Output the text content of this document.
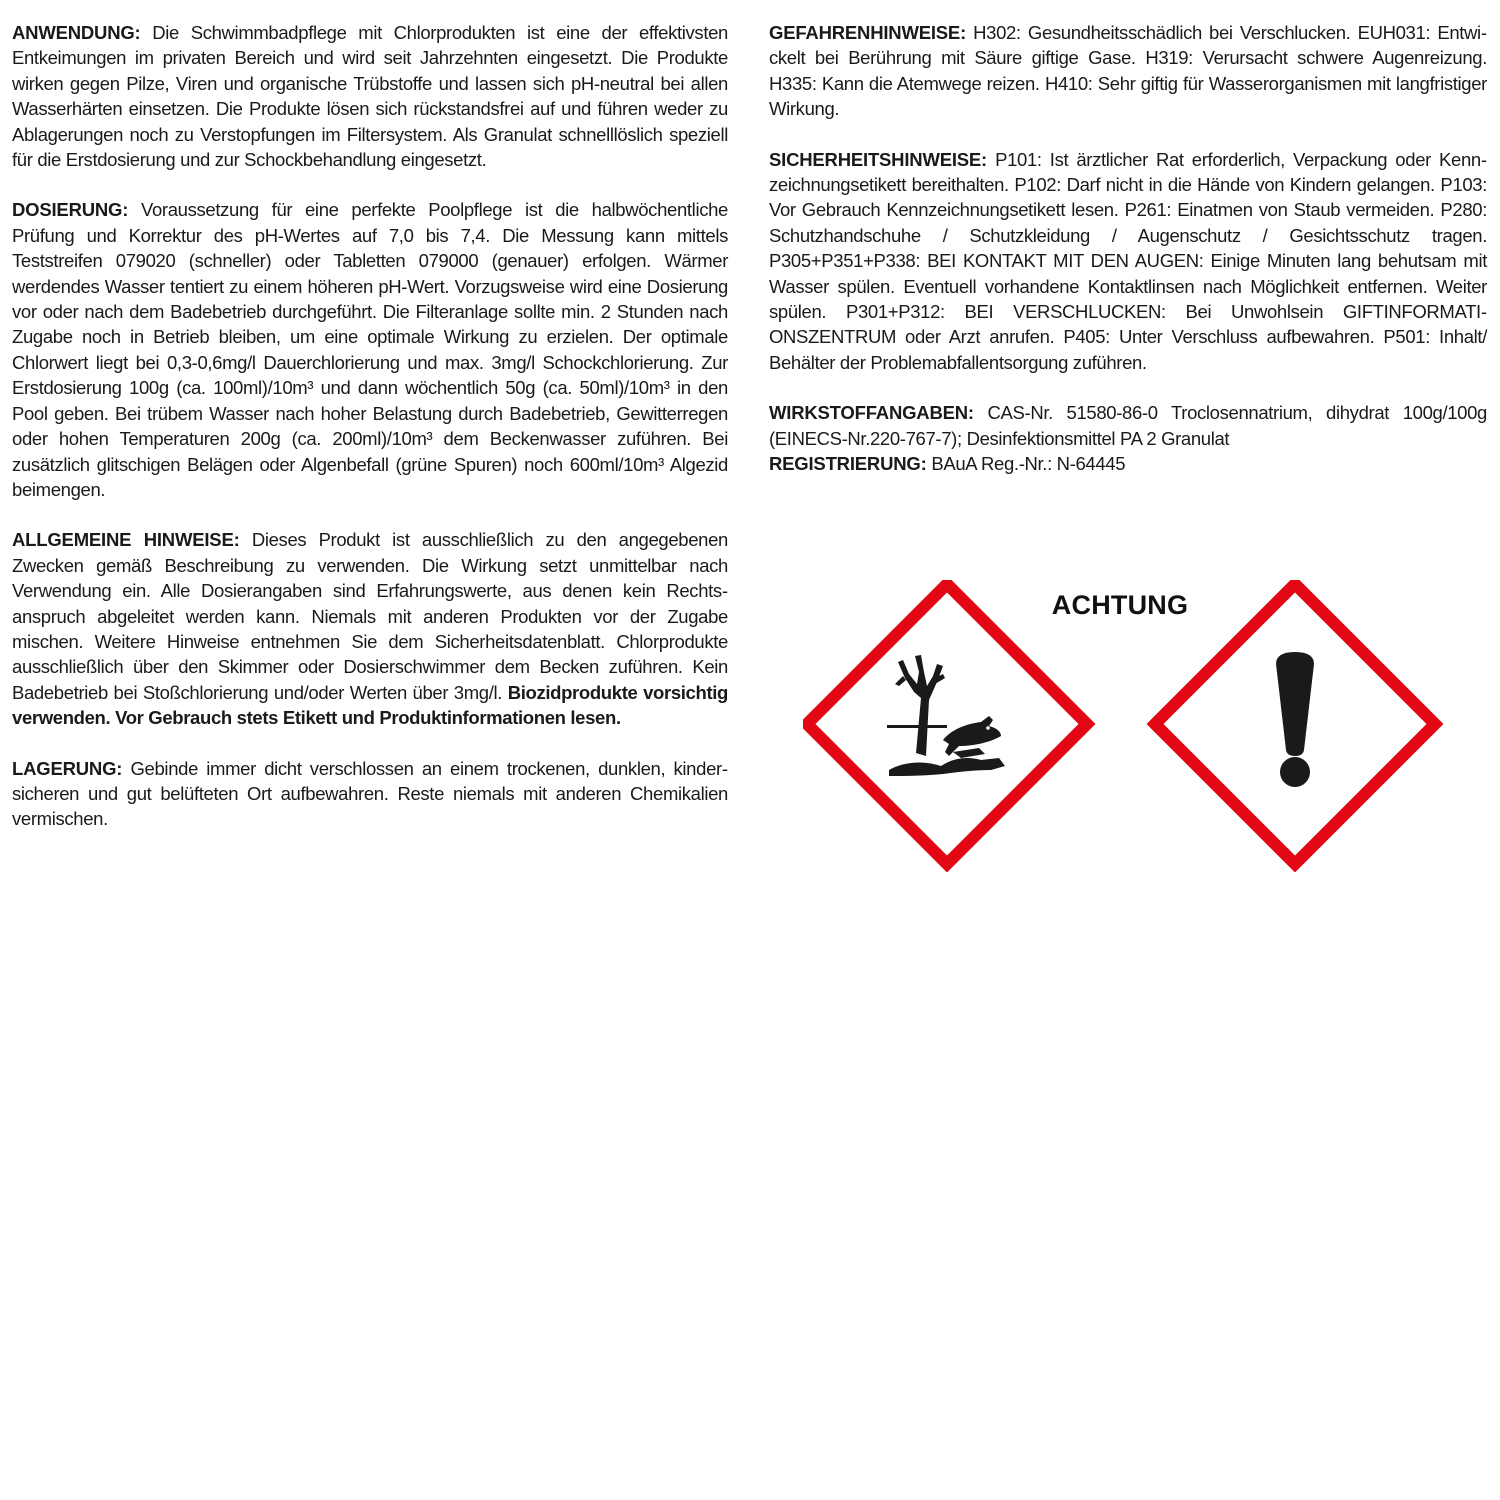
ANWENDUNG: Die Schwimmbadpflege mit Chlorprodukten ist eine der effektivsten Entkeimungen im privaten Bereich und wird seit Jahrzehnten eingesetzt. Die Produkte wirken gegen Pilze, Viren und organische Trübstoffe und lassen sich pH-neutral bei allen Wasserhärten einsetzen. Die Produkte lösen sich rückstandsfrei auf und führen weder zu Ablagerungen noch zu Verstopfungen im Filtersystem. Als Granulat schnelllöslich speziell für die Erstdosierung und zur Schockbehandlung eingesetzt.

DOSIERUNG: Voraussetzung für eine perfekte Poolpflege ist die halbwöchentliche Prüfung und Korrektur des pH-Wertes auf 7,0 bis 7,4. Die Messung kann mittels Teststreifen 079020 (schneller) oder Tabletten 079000 (genauer) erfolgen. Wärmer werdendes Wasser tentiert zu einem höheren pH-Wert. Vorzugsweise wird eine Dosierung vor oder nach dem Badebetrieb durchgeführt. Die Filteranlage sollte min. 2 Stunden nach Zugabe noch in Betrieb bleiben, um eine optimale Wirkung zu erzielen. Der optimale Chlorwert liegt bei 0,3-0,6mg/l Dauerchlorierung und max. 3mg/l Schockchlorierung. Zur Erstdosierung 100g (ca. 100ml)/10m³ und dann wöchentlich 50g (ca. 50ml)/10m³ in den Pool geben. Bei trübem Wasser nach hoher Belastung durch Badebetrieb, Gewitterregen oder hohen Temperaturen 200g (ca. 200ml)/10m³ dem Beckenwasser zuführen. Bei zusätzlich glitschigen Belägen oder Algenbefall (grüne Spuren) noch 600ml/10m³ Algezid beimengen.

ALLGEMEINE HINWEISE: Dieses Produkt ist ausschließlich zu den angegebenen Zwecken gemäß Beschreibung zu verwenden. Die Wirkung setzt unmittelbar nach Verwendung ein. Alle Dosierangaben sind Erfahrungswerte, aus denen kein Rechtsanspruch abgeleitet werden kann. Niemals mit anderen Produkten vor der Zugabe mischen. Weitere Hinweise entnehmen Sie dem Sicherheitsdatenblatt. Chlorprodukte ausschließlich über den Skimmer oder Dosierschwimmer dem Becken zuführen. Kein Badebetrieb bei Stoßchlorierung und/oder Werten über 3mg/l. Biozidprodukte vorsichtig verwenden. Vor Gebrauch stets Etikett und Produktinformationen lesen.

LAGERUNG: Gebinde immer dicht verschlossen an einem trockenen, dunklen, kindersicheren und gut belüfteten Ort aufbewahren. Reste niemals mit anderen Chemikalien vermischen.

GEFAHRENHINWEISE: H302: Gesundheitsschädlich bei Verschlucken. EUH031: Entwickelt bei Berührung mit Säure giftige Gase. H319: Verursacht schwere Augenreizung. H335: Kann die Atemwege reizen. H410: Sehr giftig für Wasserorganismen mit langfristiger Wirkung.

SICHERHEITSHINWEISE: P101: Ist ärztlicher Rat erforderlich, Verpackung oder Kennzeichnungsetikett bereithalten. P102: Darf nicht in die Hände von Kindern gelangen. P103: Vor Gebrauch Kennzeichnungsetikett lesen. P261: Einatmen von Staub vermeiden. P280: Schutzhandschuhe / Schutzkleidung / Augenschutz / Gesichtsschutz tragen. P305+P351+P338: BEI KONTAKT MIT DEN AUGEN: Einige Minuten lang behutsam mit Wasser spülen. Eventuell vorhandene Kontaktlinsen nach Möglichkeit entfernen. Weiter spülen. P301+P312: BEI VERSCHLUCKEN: Bei Unwohlsein GIFTINFORMATIONSZENTRUM oder Arzt anrufen. P405: Unter Verschluss aufbewahren. P501: Inhalt/ Behälter der Problemabfallentsorgung zuführen.

WIRKSTOFFANGABEN: CAS-Nr. 51580-86-0 Troclosennatrium, dihydrat 100g/100g (EINECS-Nr.220-767-7); Desinfektionsmittel PA 2 Granulat

REGISTRIERUNG: BAuA Reg.-Nr.: N-64445

ACHTUNG
